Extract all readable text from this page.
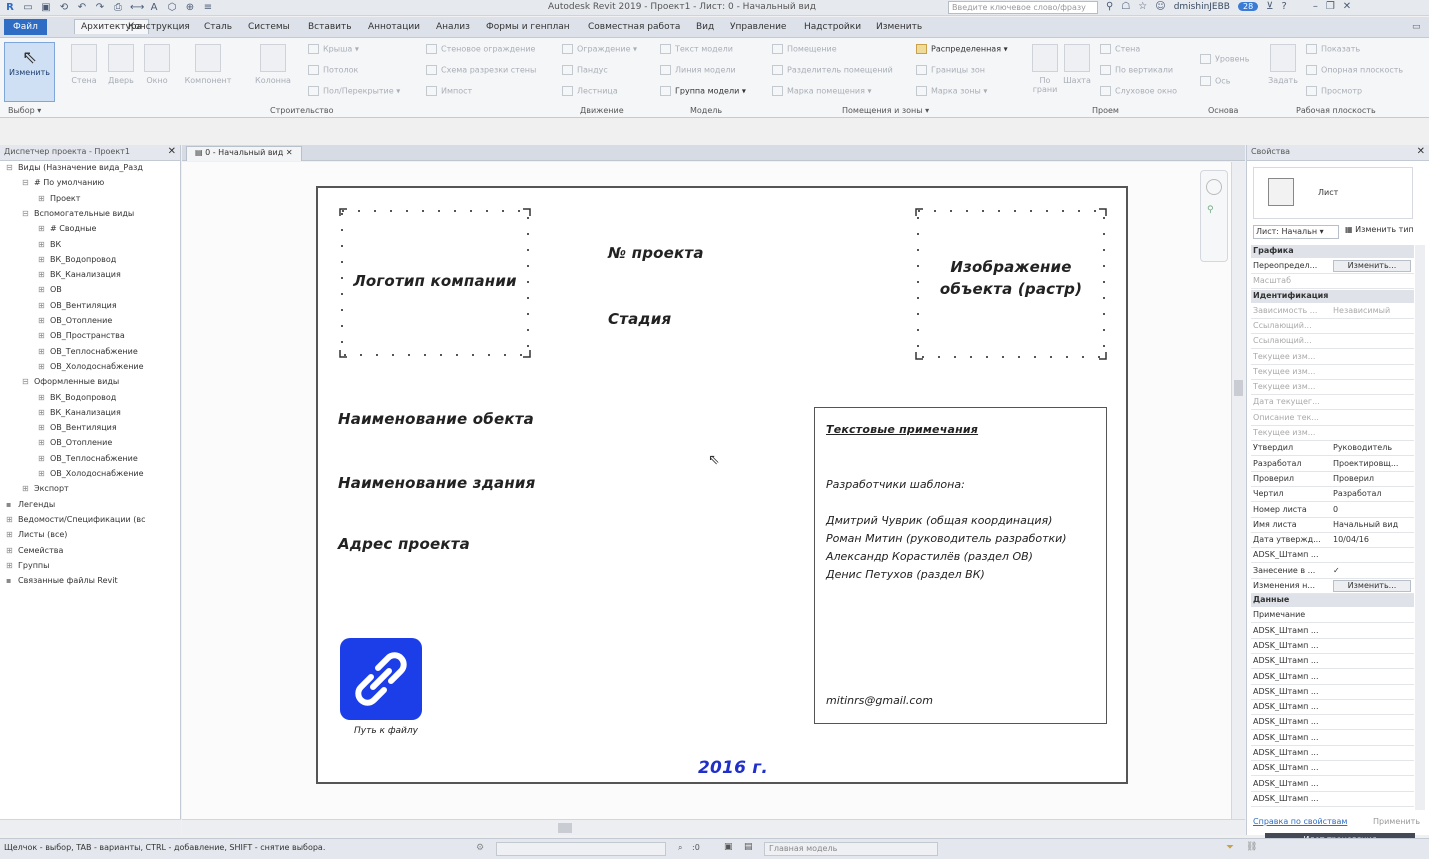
R ▭ ▣ ⟲ ↶ ↷ ⎙ ⟷ A ⬡ ⊕ ≡	Autodesk Revit 2019 - Проект1 - Лист: 0 - Начальный вид	Введите ключевое слово/фразу	⚲ ☖ ☆ ☺ dmishinJEBB	28	⊻ ?	– ❐ ✕
Файл	Архитектура
Конструкция	Сталь	Системы	Вставить	Аннотации	Анализ	Формы и генплан	Совместная работа	Вид	Управление	Надстройки	Изменить	▭
⇖
Изменить
Выбор ▾
Стена	Дверь	Окно	Компонент	Колонна
Крыша ▾
Потолок
Пол/Перекрытие ▾
Стеновое ограждение
Схема разрезки стены
Импост
Ограждение ▾
Пандус
Лестница
Текст модели
Линия модели
Группа модели ▾
Помещение
Разделитель помещений
Марка помещения ▾
Распределенная ▾
Границы зон
Марка зоны ▾
По грани
Шахта
Стена
По вертикали
Слуховое окно
Уровень
Ось	Задать
Показать
Опорная плоскость
Просмотр
Строительство	Движение	Модель	Помещения и зоны ▾	Проем	Основа	Рабочая плоскость
Диспетчер проекта - Проект1	✕
⊟ Виды (Назначение вида_Разд
⊟ # По умолчанию
⊞ Проект
⊟ Вспомогательные виды
⊞ # Сводные
⊞ ВК
⊞ ВК_Водопровод
⊞ ВК_Канализация
⊞ ОВ
⊞ ОВ_Вентиляция
⊞ ОВ_Отопление
⊞ ОВ_Пространства
⊞ ОВ_Теплоснабжение
⊞ ОВ_Холодоснабжение
⊟ Оформленные виды
⊞ ВК_Водопровод
⊞ ВК_Канализация
⊞ ОВ_Вентиляция
⊞ ОВ_Отопление
⊞ ОВ_Теплоснабжение
⊞ ОВ_Холодоснабжение
⊞ Экспорт
▪ Легенды
⊞ Ведомости/Спецификации (вс
⊞ Листы (все)
⊞ Семейства
⊞ Группы
▪ Связанные файлы Revit
▤ 0 - Начальный вид ✕
Логотип компании
№ проекта
Стадия
Изображение объекта (растр)
Наименование обекта
Наименование здания
Адрес проекта
Текстовые примечания
Разработчики шаблона:
Дмитрий Чуврик (общая координация)
Роман Митин (руководитель разработки)
Александр Корастилёв (раздел ОВ)
Денис Петухов (раздел ВК)
mitinrs@gmail.com
Путь к файлу
2016 г.
⇖
⚲
Свойства	✕
Лист
Лист: Начальн ▾	▦ Изменить тип
Графика
Переопредел...	Изменить...
Масштаб
Идентификация
Зависимость ...	Независимый
Ссылающий...
Ссылающий...
Текущее изм...
Текущее изм...
Текущее изм...
Дата текущег...
Описание тек...
Текущее изм...
Утвердил	Руководитель
Разработал	Проектировщ...
Проверил	Проверил
Чертил	Разработал
Номер листа	0
Имя листа	Начальный вид
Дата утвержд...	10/04/16
ADSK_Штамп ...
Занесение в ...	✓
Изменения н...	Изменить...
Данные
Примечание
ADSK_Штамп ...
ADSK_Штамп ...
ADSK_Штамп ...
ADSK_Штамп ...
ADSK_Штамп ...
ADSK_Штамп ...
ADSK_Штамп ...
ADSK_Штамп ...
ADSK_Штамп ...
ADSK_Штамп ...
ADSK_Штамп ...
ADSK_Штамп ...
Справка по свойствам	Применить
Щелчок - выбор, TAB - варианты, CTRL - добавление, SHIFT - снятие выбора.	⚙	⌕ :0	▣ ▤	Главная модель	⏷ ⛓
